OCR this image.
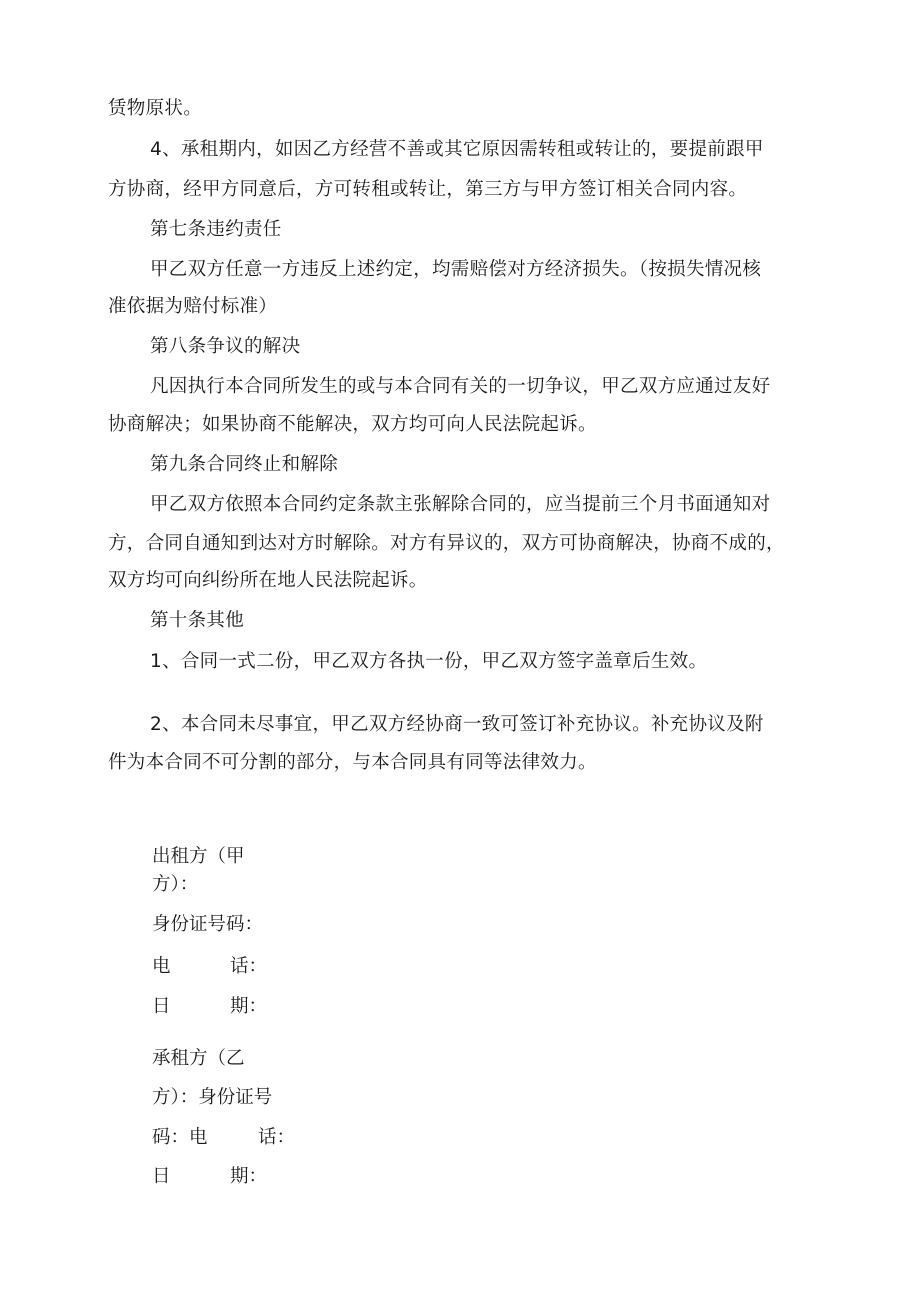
赁物原状。

4、承租期内，如因乙方经营不善或其它原因需转租或转让的，要提前跟甲

方协商，经甲方同意后，方可转租或转让，第三方与甲方签订相关合同内容。

第七条违约责任

甲乙双方任意一方违反上述约定，均需赔偿对方经济损失。（按损失情况核

准依据为赔付标准）

第八条争议的解决

凡因执行本合同所发生的或与本合同有关的一切争议，甲乙双方应通过友好

协商解决；如果协商不能解决，双方均可向人民法院起诉。

第九条合同终止和解除

甲乙双方依照本合同约定条款主张解除合同的，应当提前三个月书面通知对

方，合同自通知到达对方时解除。对方有异议的，双方可协商解决，协商不成的，

双方均可向纠纷所在地人民法院起诉。

第十条其他

1、合同一式二份，甲乙双方各执一份，甲乙双方签字盖章后生效。

2、本合同未尽事宜，甲乙双方经协商一致可签订补充协议。补充协议及附

件为本合同不可分割的部分，与本合同具有同等法律效力。

出租方（甲

方）：

身份证号码：

电	话：

日	期：

承租方（乙

方）：身份证号

码：电	话：

日	期：
